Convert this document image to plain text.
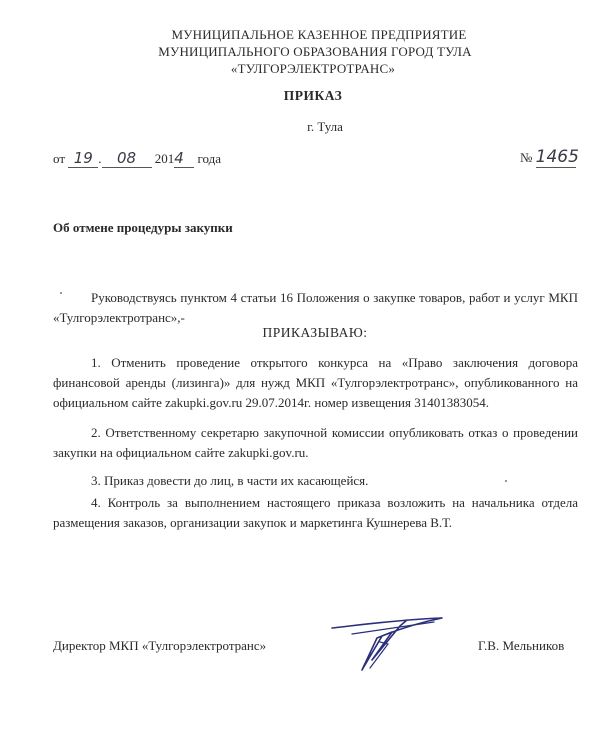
МУНИЦИПАЛЬНОЕ КАЗЕННОЕ ПРЕДПРИЯТИЕ
МУНИЦИПАЛЬНОГО ОБРАЗОВАНИЯ ГОРОД ТУЛА
«ТУЛГОРЭЛЕКТРОТРАНС»
ПРИКАЗ
г. Тула
от 19 . 08 2014 года	№ 1465
Об отмене процедуры закупки
Руководствуясь пунктом 4 статьи 16 Положения о закупке товаров, работ и услуг МКП «Тулгорэлектротранс»,-
ПРИКАЗЫВАЮ:
1. Отменить проведение открытого конкурса на «Право заключения договора финансовой аренды (лизинга)» для нужд МКП «Тулгорэлектротранс», опубликованного на официальном сайте zakupki.gov.ru 29.07.2014г. номер извещения 31401383054.
2. Ответственному секретарю закупочной комиссии опубликовать отказ о проведении закупки на официальном сайте zakupki.gov.ru.
3. Приказ довести до лиц, в части их касающейся.
4. Контроль за выполнением настоящего приказа возложить на начальника отдела размещения заказов, организации закупок и маркетинга Кушнерева В.Т.
Директор МКП «Тулгорэлектротранс»	Г.В. Мельников
